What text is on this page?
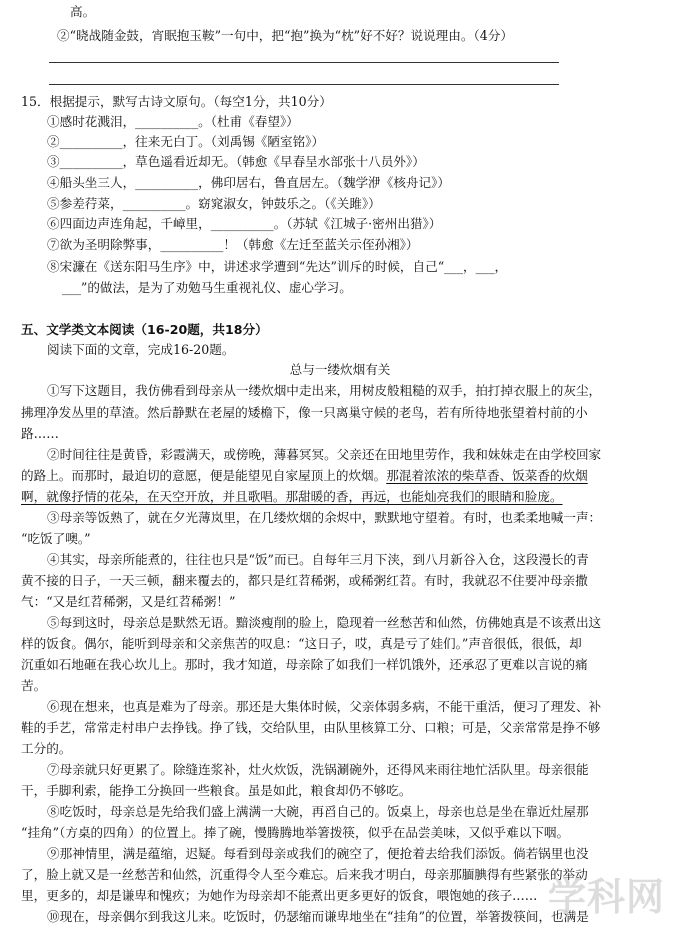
高。
②“晓战随金鼓，宵眠抱玉鞍”一句中，把“抱”换为“枕”好不好？说说理由。（4分）
15．根据提示，默写古诗文原句。（每空1分，共10分）
①感时花溅泪，__________。（杜甫《春望》）
②__________，往来无白丁。（刘禹锡《陋室铭》）
③__________，草色遥看近却无。（韩愈《早春呈水部张十八员外》）
④船头坐三人，__________，佛印居右，鲁直居左。（魏学洢《核舟记》）
⑤参差荇菜，__________。窈窕淑女，钟鼓乐之。（《关雎》）
⑥四面边声连角起，千嶂里，__________。（苏轼《江城子·密州出猎》）
⑦欲为圣明除弊事，__________！（韩愈《左迁至蓝关示侄孙湘》）
⑧宋濂在《送东阳马生序》中，讲述求学遭到“先达”训斥的时候，自己“___，___，
___”的做法，是为了劝勉马生重视礼仪、虚心学习。
五、文学类文本阅读（16-20题，共18分）
阅读下面的文章，完成16-20题。
总与一缕炊烟有关
①写下这题目，我仿佛看到母亲从一缕炊烟中走出来，用树皮般粗糙的双手，拍打掉衣服上的灰尘，
拂理净发丛里的草渣。然后静默在老屋的矮檐下，像一只离巢守候的老鸟，若有所待地张望着村前的小
路……
②时间往往是黄昏，彩霞满天，或傍晚，薄暮冥冥。父亲还在田地里劳作，我和妹妹走在由学校回家
的路上。而那时，最迫切的意愿，便是能望见自家屋顶上的炊烟。那混着浓浓的柴草香、饭菜香的炊烟
啊，就像抒情的花朵，在天空开放，并且歌唱。那甜暖的香，再远，也能灿亮我们的眼睛和脸庞。
③母亲等饭熟了，就在夕光薄岚里，在几缕炊烟的余烬中，默默地守望着。有时，也柔柔地喊一声：
“吃饭了噢。”
④其实，母亲所能煮的，往往也只是“饭”而已。自每年三月下浃，到八月新谷入仓，这段漫长的青
黄不接的日子，一天三顿，翻来覆去的，都只是红苕稀粥，或稀粥红苕。有时，我就忍不住要冲母亲撒
气：“又是红苕稀粥，又是红苕稀粥！”
⑤每到这时，母亲总是默然无语。黯淡瘦削的脸上，隐现着一丝愁苦和仙然，仿佛她真是不该煮出这
样的饭食。偶尔，能听到母亲和父亲焦苦的叹息：“这日子，哎，真是亏了娃们。”声音很低，很低，却
沉重如石地砸在我心坎儿上。那时，我才知道，母亲除了如我们一样饥饿外，还承忍了更难以言说的痛
苦。
⑥现在想来，也真是难为了母亲。那还是大集体时候，父亲体弱多病，不能干重活，便习了理发、补
鞋的手艺，常常走村串户去挣钱。挣了钱，交给队里，由队里核算工分、口粮；可是，父亲常常是挣不够
工分的。
⑦母亲就只好更累了。除缝连浆补，灶火炊饭，洗锅涮碗外，还得风来雨往地忙活队里。母亲很能
干，手脚利索，能挣工分换回一些粮食。虽是如此，粮食却仍不够吃。
⑧吃饭时，母亲总是先给我们盛上满满一大碗，再舀自己的。饭桌上，母亲也总是坐在靠近灶屋那
“挂角”（方桌的四角）的位置上。捧了碗，慢腾腾地举箸拨筷，似乎在品尝美味，又似乎难以下咽。
⑨那神情里，满是蕴缩，迟疑。每看到母亲或我们的碗空了，便抢着去给我们添饭。倘若锅里也没
了，脸上就又是一丝愁苦和仙然，沉重得令人至今难忘。后来我才明白，母亲那腼腆得有些紧张的举动
里，更多的，却是谦卑和愧疚；为她作为母亲却不能煮出更多更好的饭食，喂饱她的孩子……
⑩现在，母亲偶尔到我这儿来。吃饭时，仍瑟缩而谦卑地坐在“挂角”的位置，举箸拨筷间，也满是
学科网
